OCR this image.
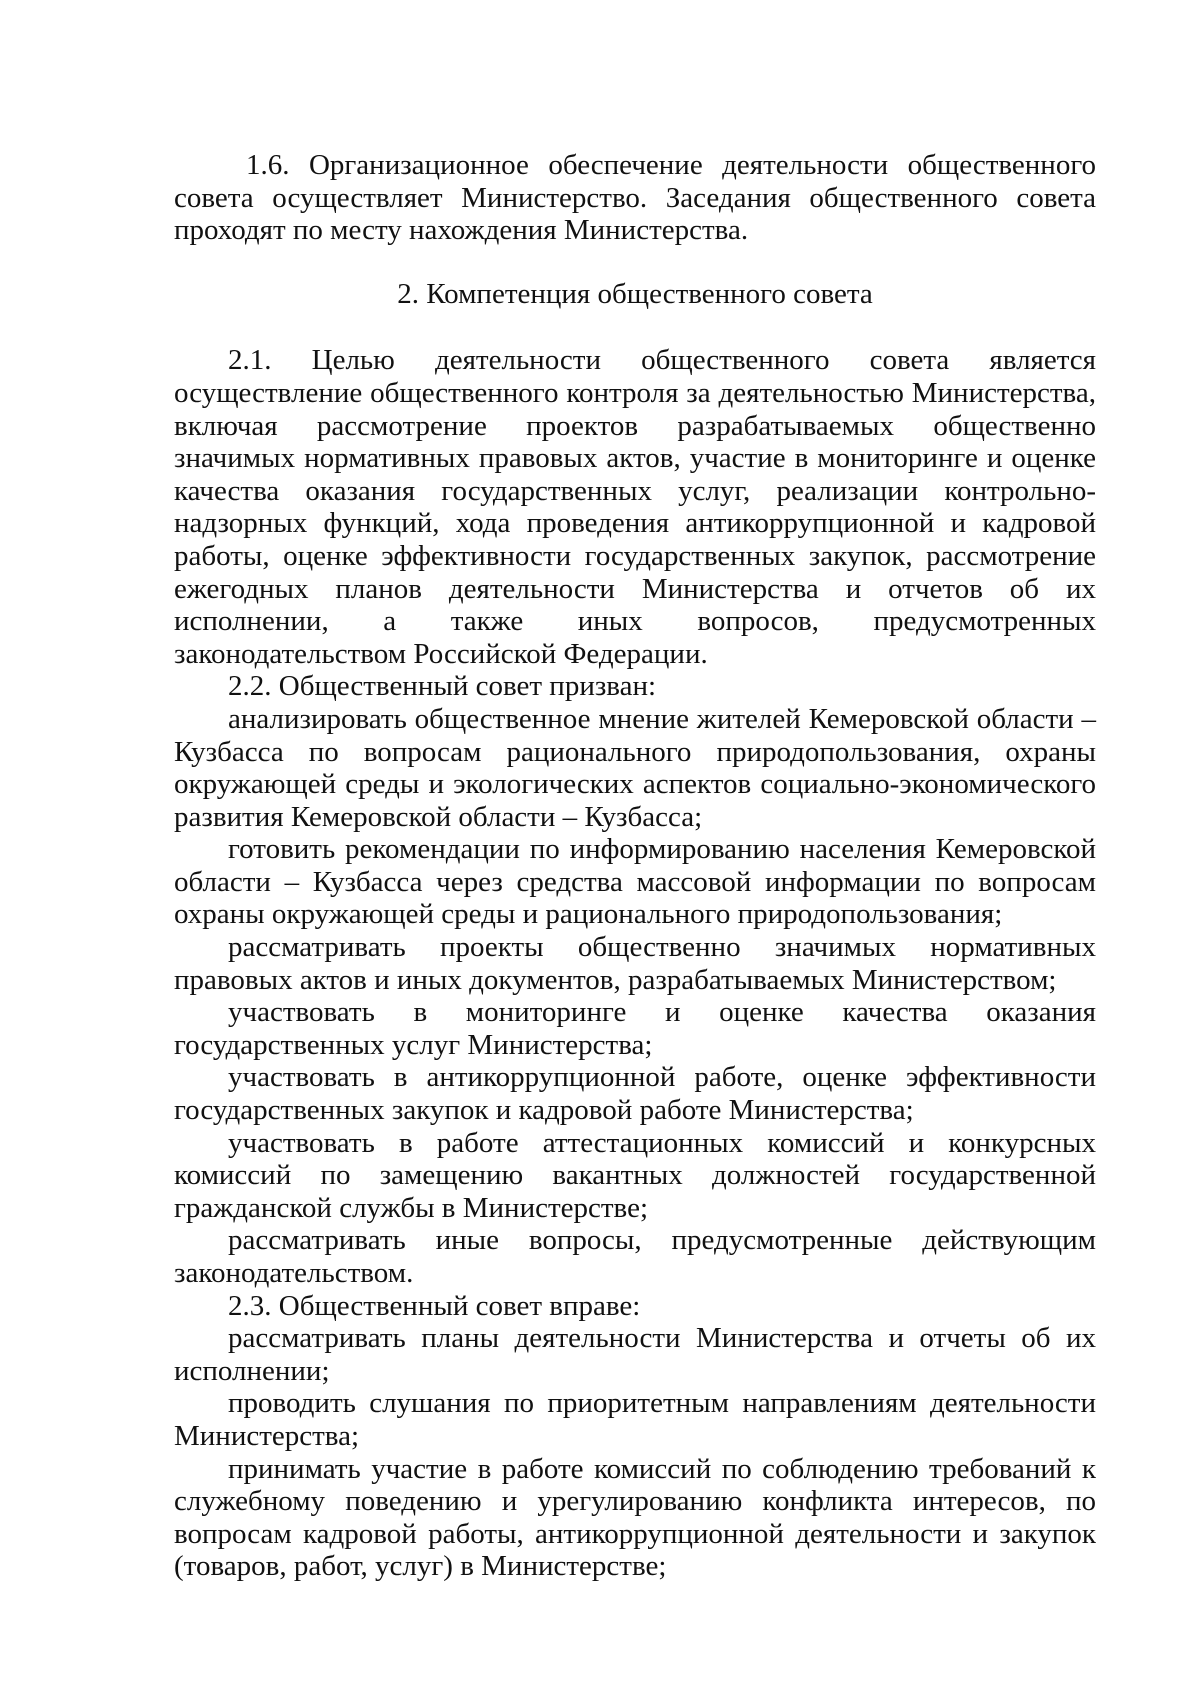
1.6. Организационное обеспечение деятельности общественного совета осуществляет Министерство. Заседания общественного совета проходят по месту нахождения Министерства.

2. Компетенция общественного совета

2.1. Целью деятельности общественного совета является осуществление общественного контроля за деятельностью Министерства, включая рассмотрение проектов разрабатываемых общественно значимых нормативных правовых актов, участие в мониторинге и оценке качества оказания государственных услуг, реализации контрольно-надзорных функций, хода проведения антикоррупционной и кадровой работы, оценке эффективности государственных закупок, рассмотрение ежегодных планов деятельности Министерства и отчетов об их исполнении, а также иных вопросов, предусмотренных законодательством Российской Федерации.

2.2. Общественный совет призван:

анализировать общественное мнение жителей Кемеровской области – Кузбасса по вопросам рационального природопользования, охраны окружающей среды и экологических аспектов социально-экономического развития Кемеровской области – Кузбасса;

готовить рекомендации по информированию населения Кемеровской области – Кузбасса через средства массовой информации по вопросам охраны окружающей среды и рационального природопользования;

рассматривать проекты общественно значимых нормативных правовых актов и иных документов, разрабатываемых Министерством;

участвовать в мониторинге и оценке качества оказания государственных услуг Министерства;

участвовать в антикоррупционной работе, оценке эффективности государственных закупок и кадровой работе Министерства;

участвовать в работе аттестационных комиссий и конкурсных комиссий по замещению вакантных должностей государственной гражданской службы в Министерстве;

рассматривать иные вопросы, предусмотренные действующим законодательством.

2.3. Общественный совет вправе:

рассматривать планы деятельности Министерства и отчеты об их исполнении;

проводить слушания по приоритетным направлениям деятельности Министерства;

принимать участие в работе комиссий по соблюдению требований к служебному поведению и урегулированию конфликта интересов, по вопросам кадровой работы, антикоррупционной деятельности и закупок (товаров, работ, услуг) в Министерстве;
